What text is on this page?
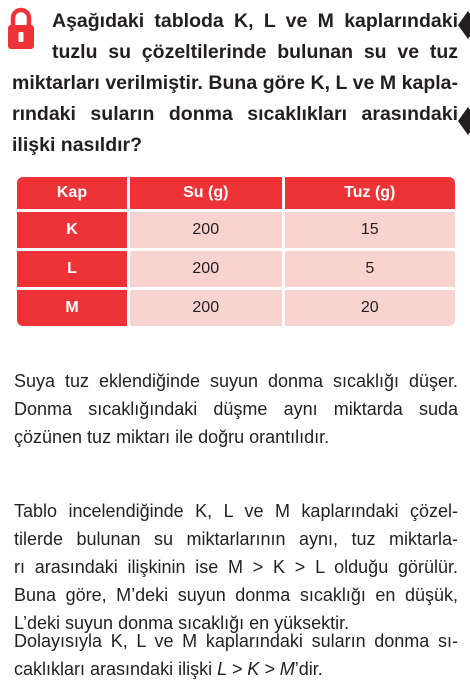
Aşağıdaki tabloda K, L ve M kaplarındaki
tuzlu su çözeltilerinde bulunan su ve tuz
miktarları verilmiştir. Buna göre K, L ve M kapla-
rındaki suların donma sıcaklıkları arasındaki
ilişki nasıldır?
Kap	Su (g)	Tuz (g)
K	200	15
L	200	5
M	200	20
Suya tuz eklendiğinde suyun donma sıcaklığı düşer.
Donma sıcaklığındaki düşme aynı miktarda suda
çözünen tuz miktarı ile doğru orantılıdır.
Tablo incelendiğinde K, L ve M kaplarındaki çözel-
tilerde bulunan su miktarlarının aynı, tuz miktarla-
rı arasındaki ilişkinin ise M > K > L olduğu görülür.
Buna göre, M’deki suyun donma sıcaklığı en düşük,
L’deki suyun donma sıcaklığı en yüksektir.
Dolayısıyla K, L ve M kaplarındaki suların donma sı-
caklıkları arasındaki ilişki L > K > M’dir.
